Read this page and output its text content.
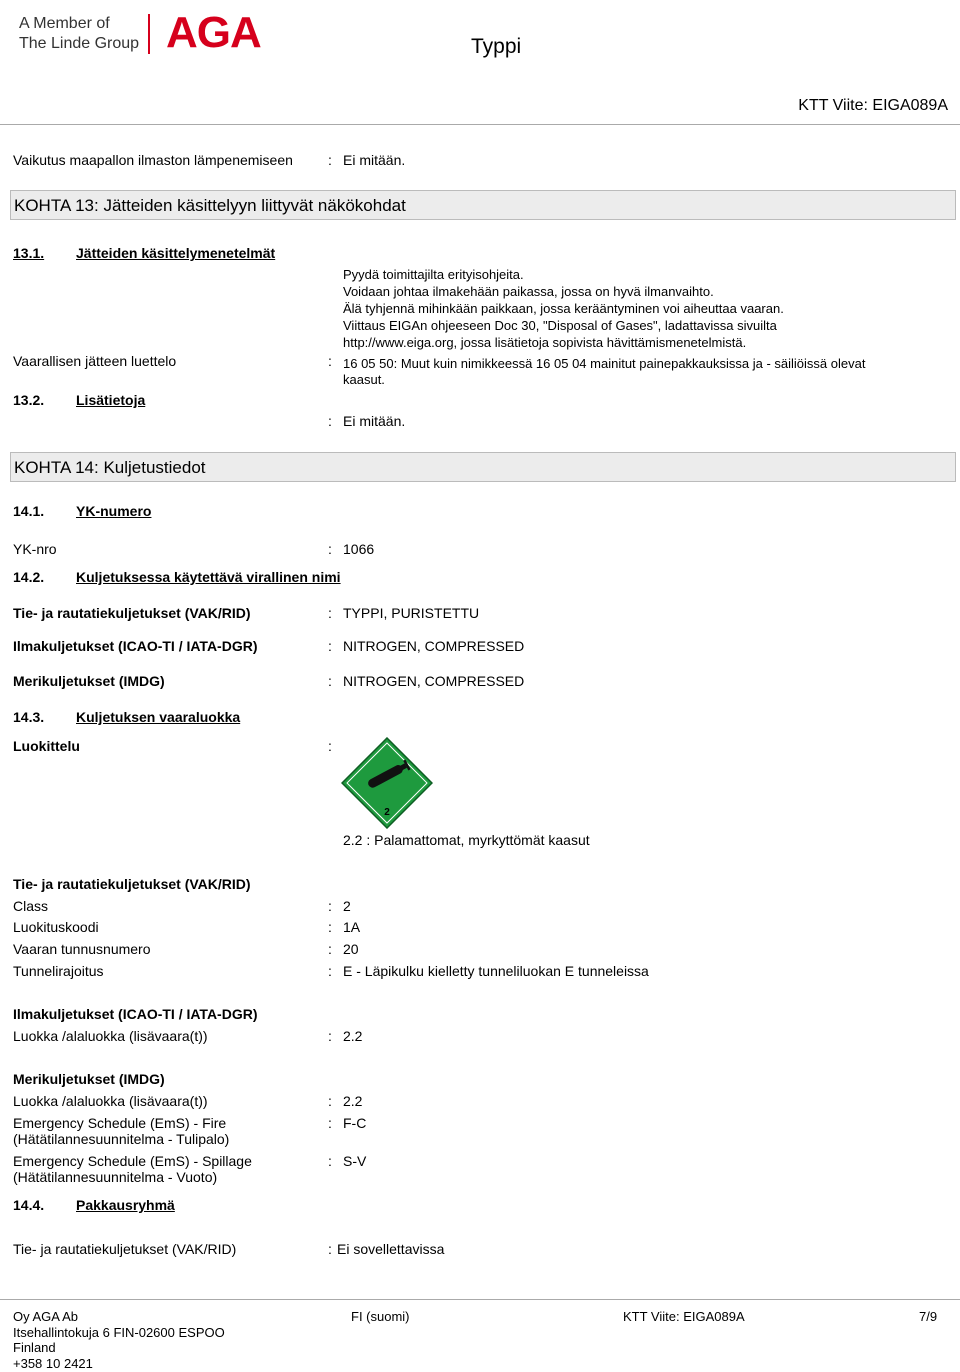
A Member of
The Linde Group AGA	Typpi
KTT Viite: EIGA089A
Vaikutus maapallon ilmaston lämpenemiseen	: Ei mitään.
KOHTA 13: Jätteiden käsittelyyn liittyvät näkökohdat
13.1. Jätteiden käsittelymenetelmät
Pyydä toimittajilta erityisohjeita.
Voidaan johtaa ilmakehään paikassa, jossa on hyvä ilmanvaihto.
Älä tyhjennä mihinkään paikkaan, jossa kerääntyminen voi aiheuttaa vaaran.
Viittaus EIGAn ohjeeseen Doc 30, "Disposal of Gases", ladattavissa sivuilta
http://www.eiga.org, jossa lisätietoja sopivista hävittämismenetelmistä.
Vaarallisen jätteen luettelo	: 16 05 50: Muut kuin nimikkeessä 16 05 04 mainitut painepakkauksissa ja - säiliöissä olevat
kaasut.
13.2. Lisätietoja
: Ei mitään.
KOHTA 14: Kuljetustiedot
14.1. YK-numero
YK-nro	: 1066
14.2. Kuljetuksessa käytettävä virallinen nimi
Tie- ja rautatiekuljetukset (VAK/RID)	: TYPPI, PURISTETTU
Ilmakuljetukset (ICAO-TI / IATA-DGR)	: NITROGEN, COMPRESSED
Merikuljetukset (IMDG)	: NITROGEN, COMPRESSED
14.3. Kuljetuksen vaaraluokka
Luokittelu	:
2
2.2 : Palamattomat, myrkyttömät kaasut
Tie- ja rautatiekuljetukset (VAK/RID)
Class	: 2
Luokituskoodi	: 1A
Vaaran tunnusnumero	: 20
Tunnelirajoitus	: E - Läpikulku kielletty tunneliluokan E tunneleissa
Ilmakuljetukset (ICAO-TI / IATA-DGR)
Luokka /alaluokka (lisävaara(t))	: 2.2
Merikuljetukset (IMDG)
Luokka /alaluokka (lisävaara(t))	: 2.2
Emergency Schedule (EmS) - Fire
(Hätätilannesuunnitelma - Tulipalo)
: F-C
Emergency Schedule (EmS) - Spillage
(Hätätilannesuunnitelma - Vuoto)
: S-V
14.4. Pakkausryhmä
Tie- ja rautatiekuljetukset (VAK/RID)	: Ei sovellettavissa
Oy AGA Ab
Itsehallintokuja 6 FIN-02600 ESPOO
Finland
+358 10 2421
FI (suomi)	KTT Viite: EIGA089A	7/9
